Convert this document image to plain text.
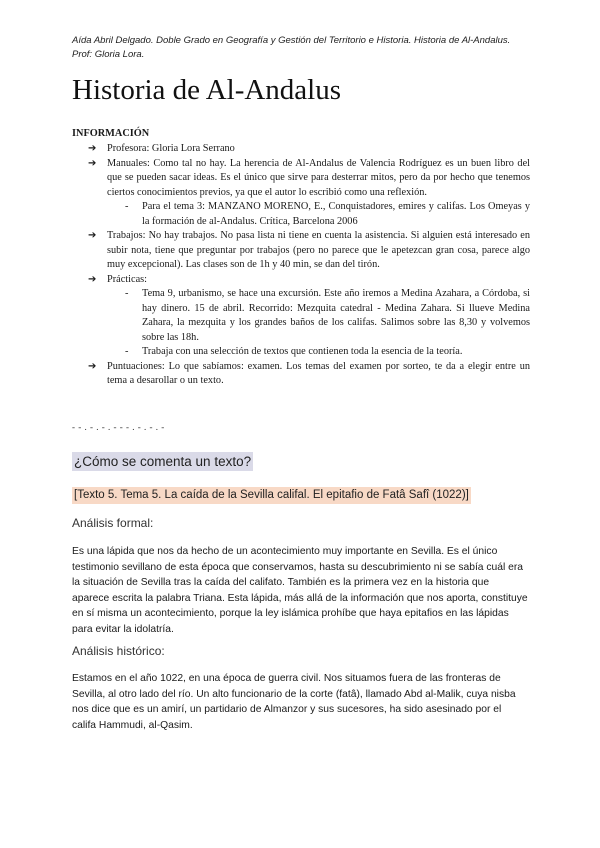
Aída Abril Delgado. Doble Grado en Geografía y Gestión del Territorio e Historia. Historia de Al-Andalus. Prof: Gloria Lora.
Historia de Al-Andalus
INFORMACIÓN
➔ Profesora: Gloria Lora Serrano
➔ Manuales: Como tal no hay. La herencia de Al-Andalus de Valencia Rodríguez es un buen libro del que se pueden sacar ideas. Es el único que sirve para desterrar mitos, pero da por hecho que tenemos ciertos conocimientos previos, ya que el autor lo escribió como una reflexión.
- Para el tema 3: MANZANO MORENO, E., Conquistadores, emires y califas. Los Omeyas y la formación de al-Andalus. Crítica, Barcelona 2006
➔ Trabajos: No hay trabajos. No pasa lista ni tiene en cuenta la asistencia. Si alguien está interesado en subir nota, tiene que preguntar por trabajos (pero no parece que le apetezcan gran cosa, parece algo muy excepcional). Las clases son de 1h y 40 min, se dan del tirón.
➔ Prácticas:
- Tema 9, urbanismo, se hace una excursión. Este año iremos a Medina Azahara, a Córdoba, si hay dinero. 15 de abril. Recorrido: Mezquita catedral - Medina Zahara. Si llueve Medina Zahara, la mezquita y los grandes baños de los califas. Salimos sobre las 8,30 y volvemos sobre las 18h.
- Trabaja con una selección de textos que contienen toda la esencia de la teoría.
➔ Puntuaciones: Lo que sabíamos: examen. Los temas del examen por sorteo, te da a elegir entre un tema a desarollar o un texto.
- - . - . - . - - - . - . - . -
¿Cómo se comenta un texto?
[Texto 5. Tema 5. La caída de la Sevilla califal. El epitafio de Fatâ Safî (1022)]
Análisis formal:

Es una lápida que nos da hecho de un acontecimiento muy importante en Sevilla. Es el único testimonio sevillano de esta época que conservamos, hasta su descubrimiento ni se sabía cuál era la situación de Sevilla tras la caída del califato. También es la primera vez en la historia que aparece escrita la palabra Triana. Esta lápida, más allá de la información que nos aporta, constituye en sí misma un acontecimiento, porque la ley islámica prohíbe que haya epitafios en las lápidas para evitar la idolatría.

Análisis histórico:

Estamos en el año 1022, en una época de guerra civil. Nos situamos fuera de las fronteras de Sevilla, al otro lado del río. Un alto funcionario de la corte (fatâ), llamado Abd al-Malik, cuya nisba nos dice que es un amirí, un partidario de Almanzor y sus sucesores, ha sido asesinado por el califa Hammudi, al-Qasim.
